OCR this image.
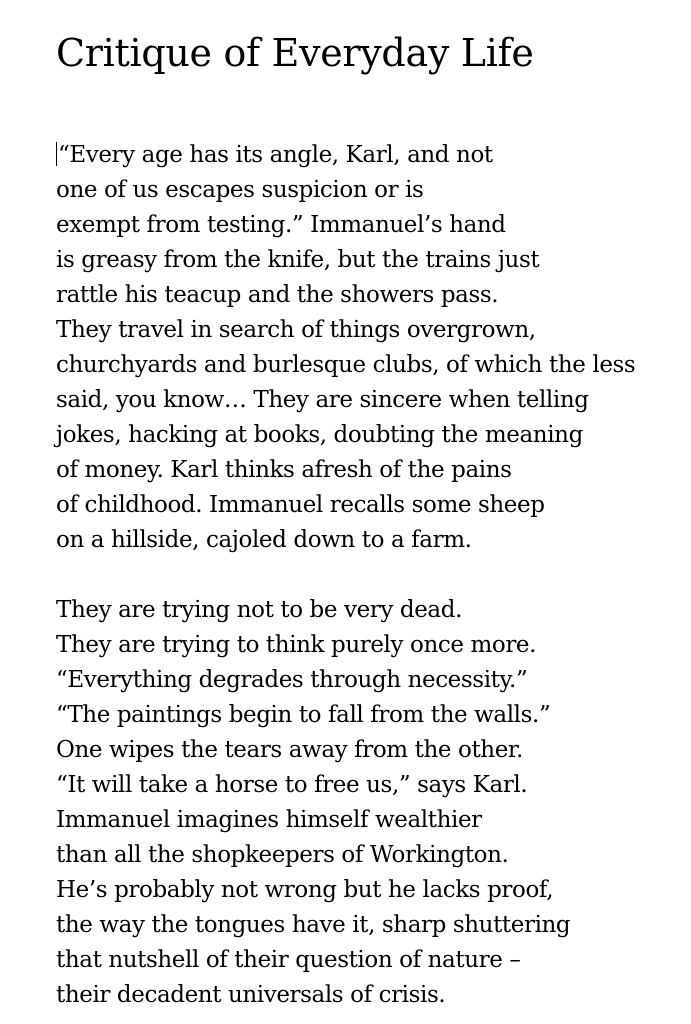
Critique of Everyday Life
“Every age has its angle, Karl, and not
one of us escapes suspicion or is
exempt from testing.” Immanuel’s hand
is greasy from the knife, but the trains just
rattle his teacup and the showers pass.
They travel in search of things overgrown,
churchyards and burlesque clubs, of which the less
said, you know… They are sincere when telling
jokes, hacking at books, doubting the meaning
of money. Karl thinks afresh of the pains
of childhood. Immanuel recalls some sheep
on a hillside, cajoled down to a farm.
They are trying not to be very dead.
They are trying to think purely once more.
“Everything degrades through necessity.”
“The paintings begin to fall from the walls.”
One wipes the tears away from the other.
“It will take a horse to free us,” says Karl.
Immanuel imagines himself wealthier
than all the shopkeepers of Workington.
He’s probably not wrong but he lacks proof,
the way the tongues have it, sharp shuttering
that nutshell of their question of nature –
their decadent universals of crisis.
